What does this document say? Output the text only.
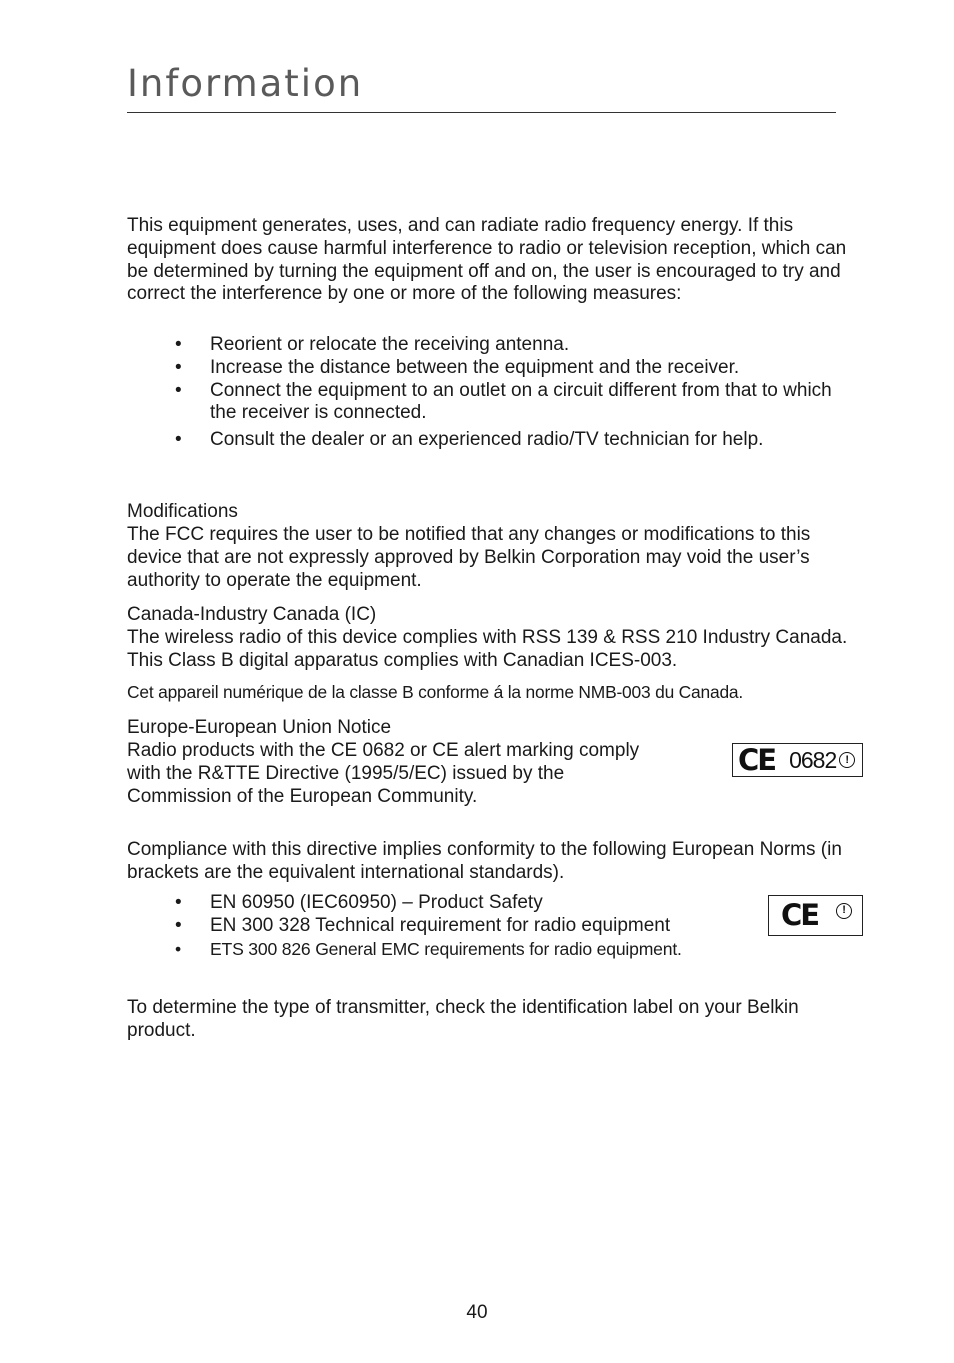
Information

This equipment generates, uses, and can radiate radio frequency energy. If this equipment does cause harmful interference to radio or television reception, which can be determined by turning the equipment off and on, the user is encouraged to try and correct the interference by one or more of the following measures:

• Reorient or relocate the receiving antenna.
• Increase the distance between the equipment and the receiver.
• Connect the equipment to an outlet on a circuit different from that to which the receiver is connected.
• Consult the dealer or an experienced radio/TV technician for help.

Modifications

The FCC requires the user to be notified that any changes or modifications to this device that are not expressly approved by Belkin Corporation may void the user’s authority to operate the equipment.

Canada-Industry Canada (IC)

The wireless radio of this device complies with RSS 139 & RSS 210 Industry Canada. This Class B digital apparatus complies with Canadian ICES-003.

Cet appareil numérique de la classe B conforme á la norme NMB-003 du Canada.

Europe-European Union Notice

Radio products with the CE 0682 or CE alert marking comply with the R&TTE Directive (1995/5/EC) issued by the Commission of the European Community.

CE 0682 !

Compliance with this directive implies conformity to the following European Norms (in brackets are the equivalent international standards).

• EN 60950 (IEC60950) – Product Safety
• EN 300 328 Technical requirement for radio equipment
• ETS 300 826 General EMC requirements for radio equipment.
CE	!

To determine the type of transmitter, check the identification label on your Belkin product.

40
